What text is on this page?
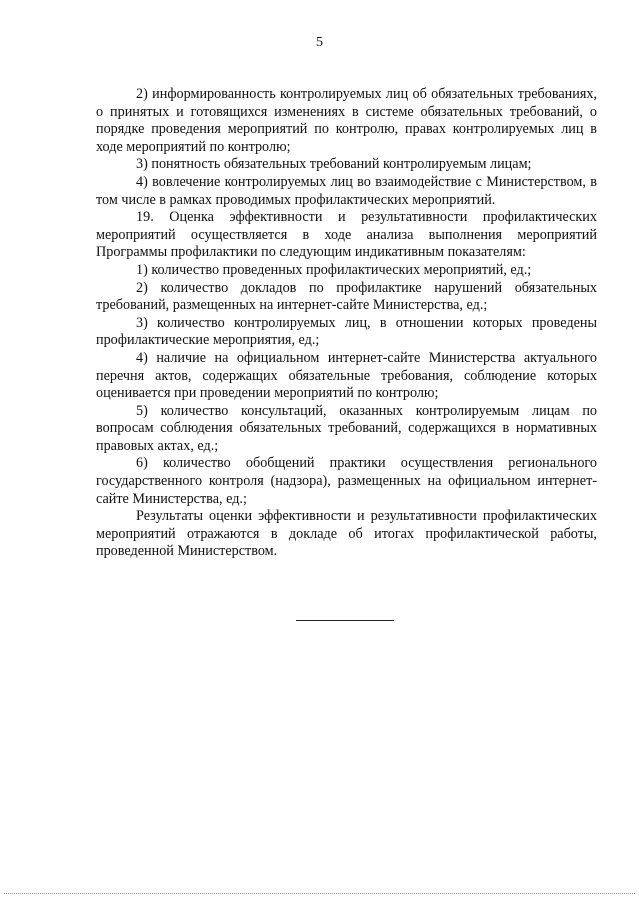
5

2) информированность контролируемых лиц об обязательных требованиях, о принятых и готовящихся изменениях в системе обязательных требований, о порядке проведения мероприятий по контролю, правах контролируемых лиц в ходе мероприятий по контролю;

3) понятность обязательных требований контролируемым лицам;

4) вовлечение контролируемых лиц во взаимодействие с Министерством, в том числе в рамках проводимых профилактических мероприятий.

19. Оценка эффективности и результативности профилактических мероприятий осуществляется в ходе анализа выполнения мероприятий Программы профилактики по следующим индикативным показателям:

1) количество проведенных профилактических мероприятий, ед.;

2) количество докладов по профилактике нарушений обязательных требований, размещенных на интернет-сайте Министерства, ед.;

3) количество контролируемых лиц, в отношении которых проведены профилактические мероприятия, ед.;

4) наличие на официальном интернет-сайте Министерства актуального перечня актов, содержащих обязательные требования, соблюдение которых оценивается при проведении мероприятий по контролю;

5) количество консультаций, оказанных контролируемым лицам по вопросам соблюдения обязательных требований, содержащихся в нормативных правовых актах, ед.;

6) количество обобщений практики осуществления регионального государственного контроля (надзора), размещенных на официальном интернет-сайте Министерства, ед.;

Результаты оценки эффективности и результативности профилактических мероприятий отражаются в докладе об итогах профилактической работы, проведенной Министерством.
